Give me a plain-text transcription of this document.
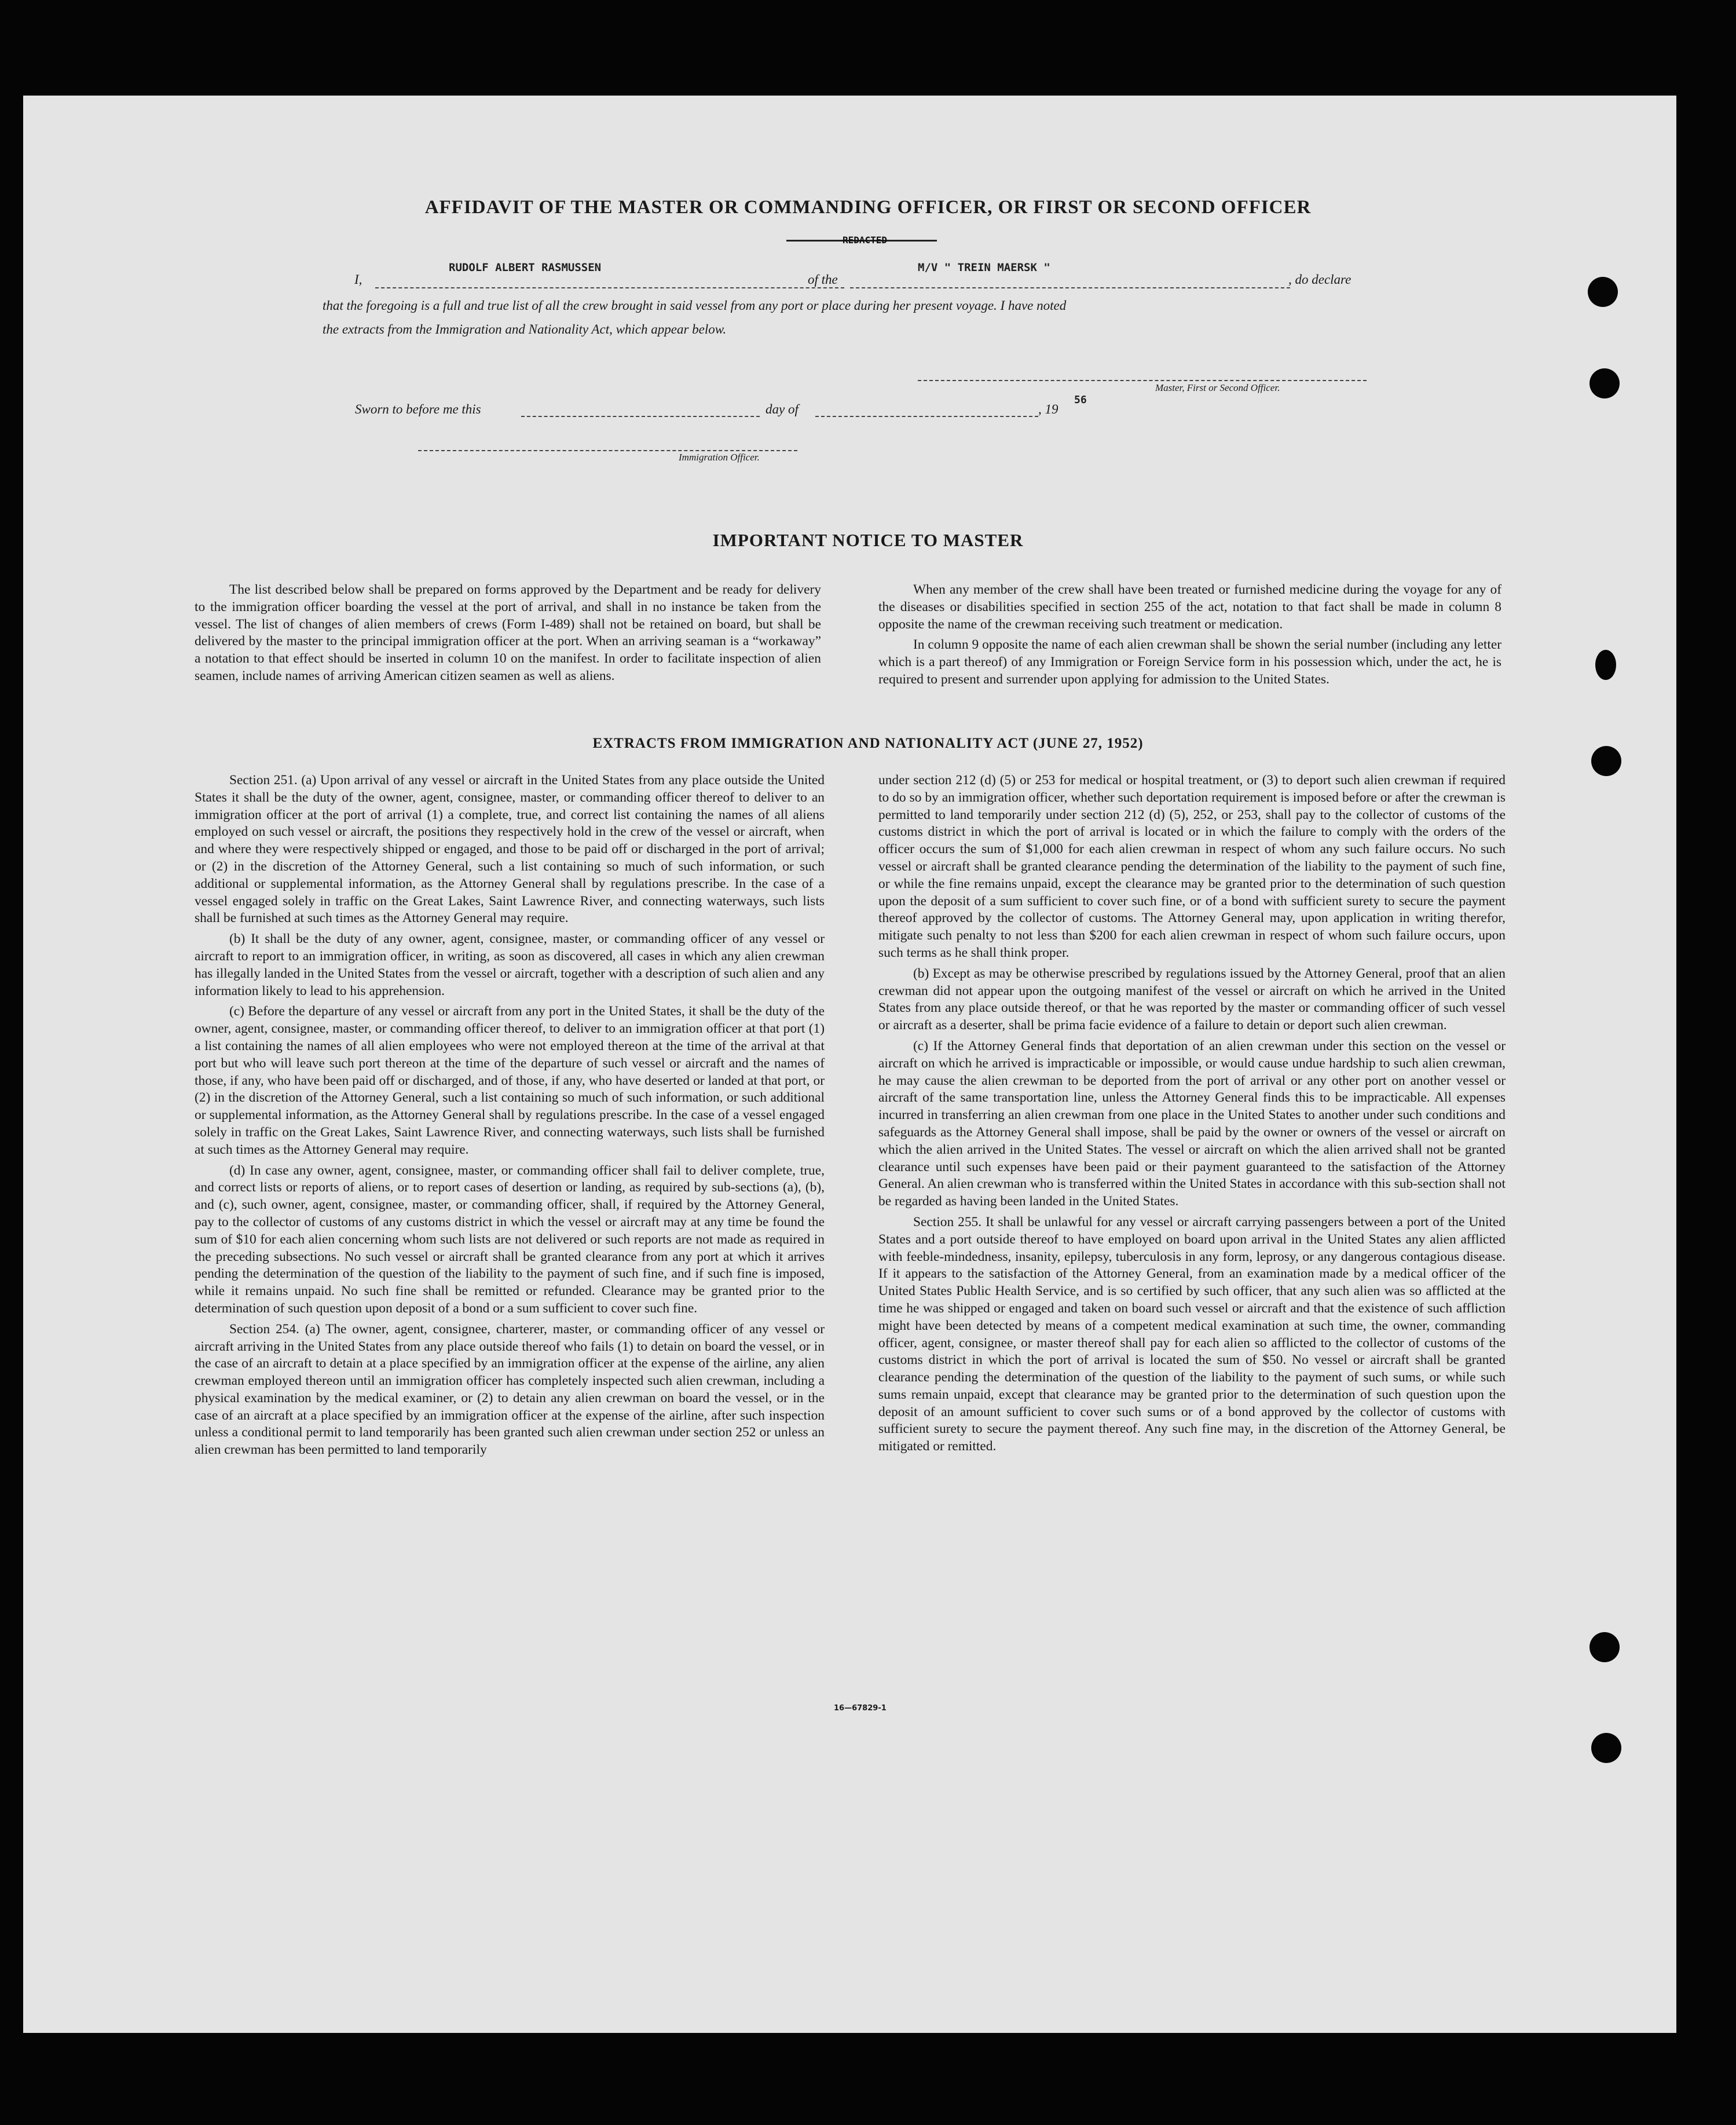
AFFIDAVIT OF THE MASTER OR COMMANDING OFFICER, OR FIRST OR SECOND OFFICER
REDACTED
I,
RUDOLF ALBERT RASMUSSEN
of the
M/V " TREIN MAERSK "
, do declare
that the foregoing is a full and true list of all the crew brought in said vessel from any port or place during her present voyage. I have noted
the extracts from the Immigration and Nationality Act, which appear below.
Master, First or Second Officer.
Sworn to before me this	day of	, 19
56
Immigration Officer.
IMPORTANT NOTICE TO MASTER

The list described below shall be prepared on forms approved by the Department and be ready for delivery to the immigration officer boarding the vessel at the port of arrival, and shall in no instance be taken from the vessel. The list of changes of alien members of crews (Form I-489) shall not be retained on board, but shall be delivered by the master to the principal immigration officer at the port. When an arriving seaman is a “workaway” a notation to that effect should be inserted in column 10 on the manifest. In order to facilitate inspection of alien seamen, include names of arriving American citizen seamen as well as aliens.

When any member of the crew shall have been treated or furnished medicine during the voyage for any of the diseases or disabilities specified in section 255 of the act, notation to that fact shall be made in column 8 opposite the name of the crewman receiving such treatment or medication.

In column 9 opposite the name of each alien crewman shall be shown the serial number (including any letter which is a part thereof) of any Immigration or Foreign Service form in his possession which, under the act, he is required to present and surrender upon applying for admission to the United States.

EXTRACTS FROM IMMIGRATION AND NATIONALITY ACT (JUNE 27, 1952)

Section 251. (a) Upon arrival of any vessel or aircraft in the United States from any place outside the United States it shall be the duty of the owner, agent, consignee, master, or commanding officer thereof to deliver to an immigration officer at the port of arrival (1) a complete, true, and correct list containing the names of all aliens employed on such vessel or aircraft, the positions they respectively hold in the crew of the vessel or aircraft, when and where they were respectively shipped or engaged, and those to be paid off or discharged in the port of arrival; or (2) in the discretion of the Attorney General, such a list containing so much of such information, or such additional or supplemental information, as the Attorney General shall by regulations prescribe. In the case of a vessel engaged solely in traffic on the Great Lakes, Saint Lawrence River, and connecting waterways, such lists shall be furnished at such times as the Attorney General may require.

(b) It shall be the duty of any owner, agent, consignee, master, or commanding officer of any vessel or aircraft to report to an immigration officer, in writing, as soon as discovered, all cases in which any alien crewman has illegally landed in the United States from the vessel or aircraft, together with a description of such alien and any information likely to lead to his apprehension.

(c) Before the departure of any vessel or aircraft from any port in the United States, it shall be the duty of the owner, agent, consignee, master, or commanding officer thereof, to deliver to an immigration officer at that port (1) a list containing the names of all alien employees who were not employed thereon at the time of the arrival at that port but who will leave such port thereon at the time of the departure of such vessel or aircraft and the names of those, if any, who have been paid off or discharged, and of those, if any, who have deserted or landed at that port, or (2) in the discretion of the Attorney General, such a list containing so much of such information, or such additional or supplemental information, as the Attorney General shall by regulations prescribe. In the case of a vessel engaged solely in traffic on the Great Lakes, Saint Lawrence River, and connecting waterways, such lists shall be furnished at such times as the Attorney General may require.

(d) In case any owner, agent, consignee, master, or commanding officer shall fail to deliver complete, true, and correct lists or reports of aliens, or to report cases of desertion or landing, as required by sub-sections (a), (b), and (c), such owner, agent, consignee, master, or commanding officer, shall, if required by the Attorney General, pay to the collector of customs of any customs district in which the vessel or aircraft may at any time be found the sum of $10 for each alien concerning whom such lists are not delivered or such reports are not made as required in the preceding subsections. No such vessel or aircraft shall be granted clearance from any port at which it arrives pending the determination of the question of the liability to the payment of such fine, and if such fine is imposed, while it remains unpaid. No such fine shall be remitted or refunded. Clearance may be granted prior to the determination of such question upon deposit of a bond or a sum sufficient to cover such fine.

Section 254. (a) The owner, agent, consignee, charterer, master, or commanding officer of any vessel or aircraft arriving in the United States from any place outside thereof who fails (1) to detain on board the vessel, or in the case of an aircraft to detain at a place specified by an immigration officer at the expense of the airline, any alien crewman employed thereon until an immigration officer has completely inspected such alien crewman, including a physical examination by the medical examiner, or (2) to detain any alien crewman on board the vessel, or in the case of an aircraft at a place specified by an immigration officer at the expense of the airline, after such inspection unless a conditional permit to land temporarily has been granted such alien crewman under section 252 or unless an alien crewman has been permitted to land temporarily

under section 212 (d) (5) or 253 for medical or hospital treatment, or (3) to deport such alien crewman if required to do so by an immigration officer, whether such deportation requirement is imposed before or after the crewman is permitted to land temporarily under section 212 (d) (5), 252, or 253, shall pay to the collector of customs of the customs district in which the port of arrival is located or in which the failure to comply with the orders of the officer occurs the sum of $1,000 for each alien crewman in respect of whom any such failure occurs. No such vessel or aircraft shall be granted clearance pending the determination of the liability to the payment of such fine, or while the fine remains unpaid, except the clearance may be granted prior to the determination of such question upon the deposit of a sum sufficient to cover such fine, or of a bond with sufficient surety to secure the payment thereof approved by the collector of customs. The Attorney General may, upon application in writing therefor, mitigate such penalty to not less than $200 for each alien crewman in respect of whom such failure occurs, upon such terms as he shall think proper.

(b) Except as may be otherwise prescribed by regulations issued by the Attorney General, proof that an alien crewman did not appear upon the outgoing manifest of the vessel or aircraft on which he arrived in the United States from any place outside thereof, or that he was reported by the master or commanding officer of such vessel or aircraft as a deserter, shall be prima facie evidence of a failure to detain or deport such alien crewman.

(c) If the Attorney General finds that deportation of an alien crewman under this section on the vessel or aircraft on which he arrived is impracticable or impossible, or would cause undue hardship to such alien crewman, he may cause the alien crewman to be deported from the port of arrival or any other port on another vessel or aircraft of the same transportation line, unless the Attorney General finds this to be impracticable. All expenses incurred in transferring an alien crewman from one place in the United States to another under such conditions and safeguards as the Attorney General shall impose, shall be paid by the owner or owners of the vessel or aircraft on which the alien arrived in the United States. The vessel or aircraft on which the alien arrived shall not be granted clearance until such expenses have been paid or their payment guaranteed to the satisfaction of the Attorney General. An alien crewman who is transferred within the United States in accordance with this sub-section shall not be regarded as having been landed in the United States.

Section 255. It shall be unlawful for any vessel or aircraft carrying passengers between a port of the United States and a port outside thereof to have employed on board upon arrival in the United States any alien afflicted with feeble-mindedness, insanity, epilepsy, tuberculosis in any form, leprosy, or any dangerous contagious disease. If it appears to the satisfaction of the Attorney General, from an examination made by a medical officer of the United States Public Health Service, and is so certified by such officer, that any such alien was so afflicted at the time he was shipped or engaged and taken on board such vessel or aircraft and that the existence of such affliction might have been detected by means of a competent medical examination at such time, the owner, commanding officer, agent, consignee, or master thereof shall pay for each alien so afflicted to the collector of customs of the customs district in which the port of arrival is located the sum of $50. No vessel or aircraft shall be granted clearance pending the determination of the question of the liability to the payment of such sums, or while such sums remain unpaid, except that clearance may be granted prior to the determination of such question upon the deposit of an amount sufficient to cover such sums or of a bond approved by the collector of customs with sufficient surety to secure the payment thereof. Any such fine may, in the discretion of the Attorney General, be mitigated or remitted.

16—67829-1
